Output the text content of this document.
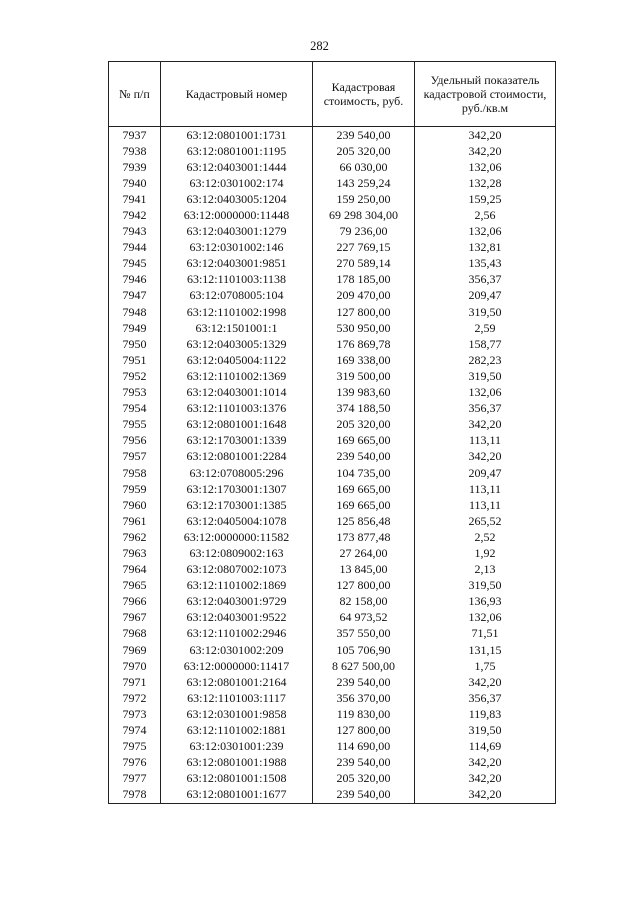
282
№ п/п	Кадастровый номер	Кадастровая стоимость, руб.	Удельный показатель кадастровой стоимости, руб./кв.м
7937	63:12:0801001:1731	239 540,00	342,20
7938	63:12:0801001:1195	205 320,00	342,20
7939	63:12:0403001:1444	66 030,00	132,06
7940	63:12:0301002:174	143 259,24	132,28
7941	63:12:0403005:1204	159 250,00	159,25
7942	63:12:0000000:11448	69 298 304,00	2,56
7943	63:12:0403001:1279	79 236,00	132,06
7944	63:12:0301002:146	227 769,15	132,81
7945	63:12:0403001:9851	270 589,14	135,43
7946	63:12:1101003:1138	178 185,00	356,37
7947	63:12:0708005:104	209 470,00	209,47
7948	63:12:1101002:1998	127 800,00	319,50
7949	63:12:1501001:1	530 950,00	2,59
7950	63:12:0403005:1329	176 869,78	158,77
7951	63:12:0405004:1122	169 338,00	282,23
7952	63:12:1101002:1369	319 500,00	319,50
7953	63:12:0403001:1014	139 983,60	132,06
7954	63:12:1101003:1376	374 188,50	356,37
7955	63:12:0801001:1648	205 320,00	342,20
7956	63:12:1703001:1339	169 665,00	113,11
7957	63:12:0801001:2284	239 540,00	342,20
7958	63:12:0708005:296	104 735,00	209,47
7959	63:12:1703001:1307	169 665,00	113,11
7960	63:12:1703001:1385	169 665,00	113,11
7961	63:12:0405004:1078	125 856,48	265,52
7962	63:12:0000000:11582	173 877,48	2,52
7963	63:12:0809002:163	27 264,00	1,92
7964	63:12:0807002:1073	13 845,00	2,13
7965	63:12:1101002:1869	127 800,00	319,50
7966	63:12:0403001:9729	82 158,00	136,93
7967	63:12:0403001:9522	64 973,52	132,06
7968	63:12:1101002:2946	357 550,00	71,51
7969	63:12:0301002:209	105 706,90	131,15
7970	63:12:0000000:11417	8 627 500,00	1,75
7971	63:12:0801001:2164	239 540,00	342,20
7972	63:12:1101003:1117	356 370,00	356,37
7973	63:12:0301001:9858	119 830,00	119,83
7974	63:12:1101002:1881	127 800,00	319,50
7975	63:12:0301001:239	114 690,00	114,69
7976	63:12:0801001:1988	239 540,00	342,20
7977	63:12:0801001:1508	205 320,00	342,20
7978	63:12:0801001:1677	239 540,00	342,20
